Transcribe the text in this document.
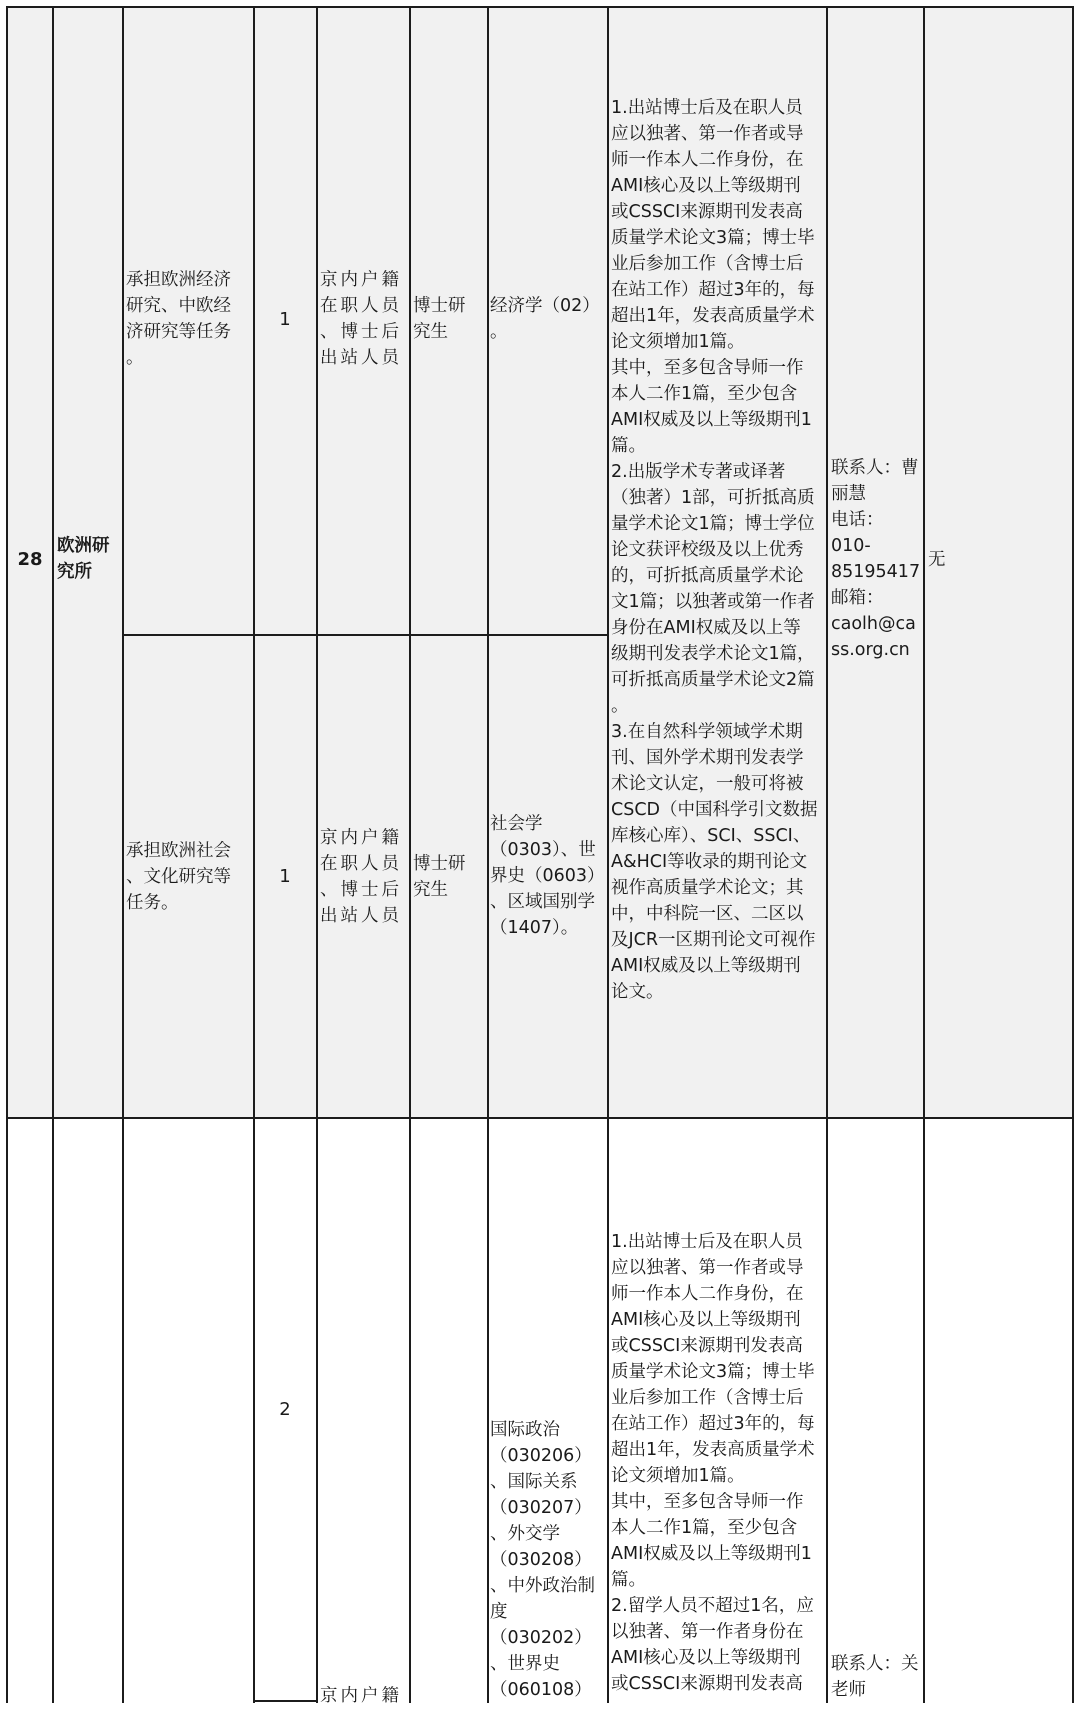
28
欧洲研
究所
承担欧洲经济
研究、中欧经
济研究等任务
。
1
京内户籍
在职人员
、博士后
出站人员
博士研
究生
经济学（02）
。
承担欧洲社会
、文化研究等
任务。
1
京内户籍
在职人员
、博士后
出站人员
博士研
究生
社会学
（0303）、世
界史（0603）
、区域国别学
（1407）。
1.出站博士后及在职人员
应以独著、第一作者或导
师一作本人二作身份，在
AMI核心及以上等级期刊
或CSSCI来源期刊发表高
质量学术论文3篇；博士毕
业后参加工作（含博士后
在站工作）超过3年的，每
超出1年，发表高质量学术
论文须增加1篇。
其中，至多包含导师一作
本人二作1篇，至少包含
AMI权威及以上等级期刊1
篇。
2.出版学术专著或译著
（独著）1部，可折抵高质
量学术论文1篇；博士学位
论文获评校级及以上优秀
的，可折抵高质量学术论
文1篇；以独著或第一作者
身份在AMI权威及以上等
级期刊发表学术论文1篇，
可折抵高质量学术论文2篇
。
3.在自然科学领域学术期
刊、国外学术期刊发表学
术论文认定，一般可将被
CSCD（中国科学引文数据
库核心库）、SCI、SSCI、
A&HCI等收录的期刊论文
视作高质量学术论文；其
中，中科院一区、二区以
及JCR一区期刊论文可视作
AMI权威及以上等级期刊
论文。
联系人：曹
丽慧
电话：
010-
85195417
邮箱：
caolh@ca
ss.org.cn
无
2
国际政治
（030206）
、国际关系
（030207）
、外交学
（030208）
、中外政治制
度
（030202）
、世界史
（060108）
1.出站博士后及在职人员
应以独著、第一作者或导
师一作本人二作身份，在
AMI核心及以上等级期刊
或CSSCI来源期刊发表高
质量学术论文3篇；博士毕
业后参加工作（含博士后
在站工作）超过3年的，每
超出1年，发表高质量学术
论文须增加1篇。
其中，至多包含导师一作
本人二作1篇，至少包含
AMI权威及以上等级期刊1
篇。
2.留学人员不超过1名，应
以独著、第一作者身份在
AMI核心及以上等级期刊
或CSSCI来源期刊发表高
联系人：关
老师
京内户籍
